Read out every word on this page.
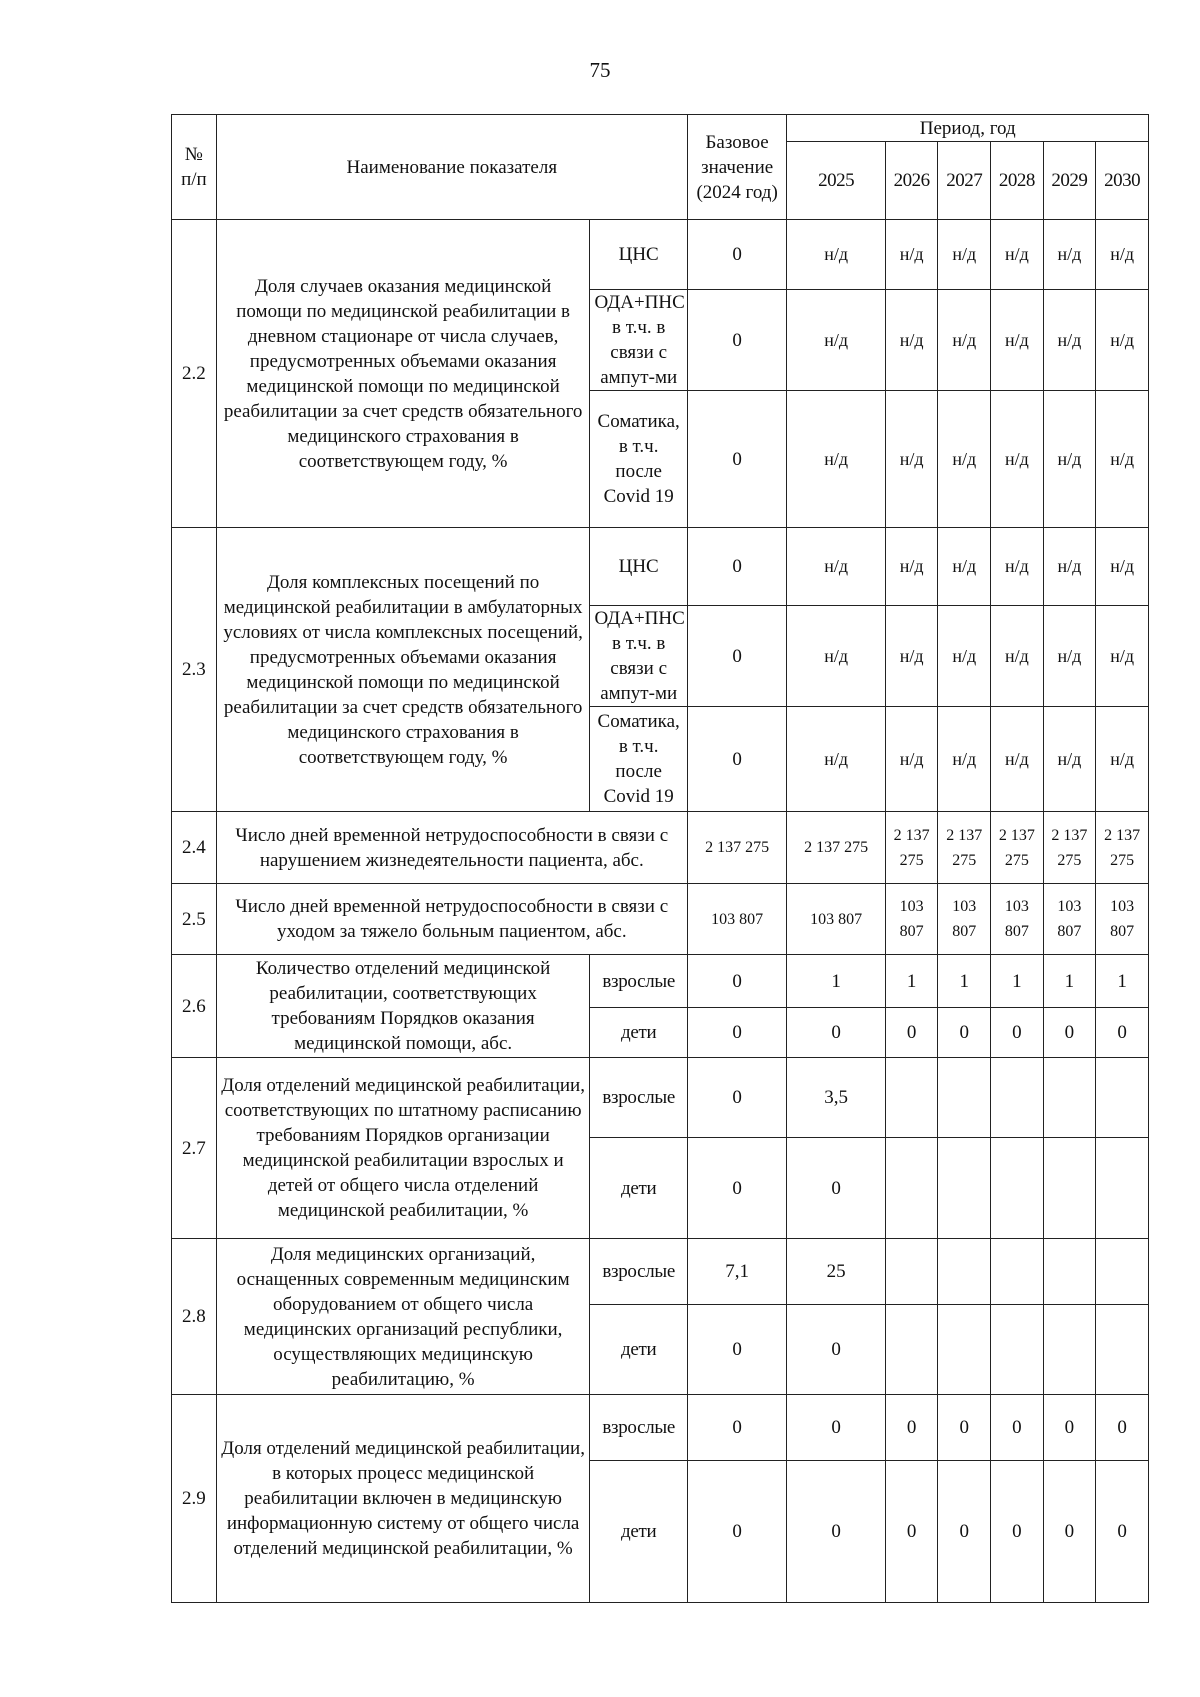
75
№ п/п	Наименование показателя		Базовое значение (2024 год)	Период, год					
				2025	2026	2027	2028	2029	2030
2.2	Доля случаев оказания медицинской помощи по медицинской реабилитации в дневном стационаре от числа случаев, предусмотренных объемами оказания медицинской помощи по медицинской реабилитации за счет средств обязательного медицинского страхования в соответствующем году, %	ЦНС	0	н/д	н/д	н/д	н/д	н/д	н/д
		ОДА+ПНС в т.ч. в связи с ампут-ми	0	н/д	н/д	н/д	н/д	н/д	н/д
		Соматика, в т.ч. после Covid 19	0	н/д	н/д	н/д	н/д	н/д	н/д
2.3	Доля комплексных посещений по медицинской реабилитации в амбулаторных условиях от числа комплексных посещений, предусмотренных объемами оказания медицинской помощи по медицинской реабилитации за счет средств обязательного медицинского страхования в соответствующем году, %	ЦНС	0	н/д	н/д	н/д	н/д	н/д	н/д
		ОДА+ПНС в т.ч. в связи с ампут-ми	0	н/д	н/д	н/д	н/д	н/д	н/д
		Соматика, в т.ч. после Covid 19	0	н/д	н/д	н/д	н/д	н/д	н/д
2.4	Число дней временной нетрудоспособности в связи с нарушением жизнедеятельности пациента, абс.		2 137 275	2 137 275	2 137 275	2 137 275	2 137 275	2 137 275	2 137 275
2.5	Число дней временной нетрудоспособности в связи с уходом за тяжело больным пациентом, абс.		103 807	103 807	103 807	103 807	103 807	103 807	103 807
2.6	Количество отделений медицинской реабилитации, соответствующих требованиям Порядков оказания медицинской помощи, абс.	взрослые	0	1	1	1	1	1	1
		дети	0	0	0	0	0	0	0
2.7	Доля отделений медицинской реабилитации, соответствующих по штатному расписанию требованиям Порядков организации медицинской реабилитации взрослых и детей от общего числа отделений медицинской реабилитации, %	взрослые	0	3,5					
		дети	0	0					
2.8	Доля медицинских организаций, оснащенных современным медицинским оборудованием от общего числа медицинских организаций республики, осуществляющих медицинскую реабилитацию, %	взрослые	7,1	25					
		дети	0	0					
2.9	Доля отделений медицинской реабилитации, в которых процесс медицинской реабилитации включен в медицинскую информационную систему от общего числа отделений медицинской реабилитации, %	взрослые	0	0	0	0	0	0	0
		дети	0	0	0	0	0	0	0
